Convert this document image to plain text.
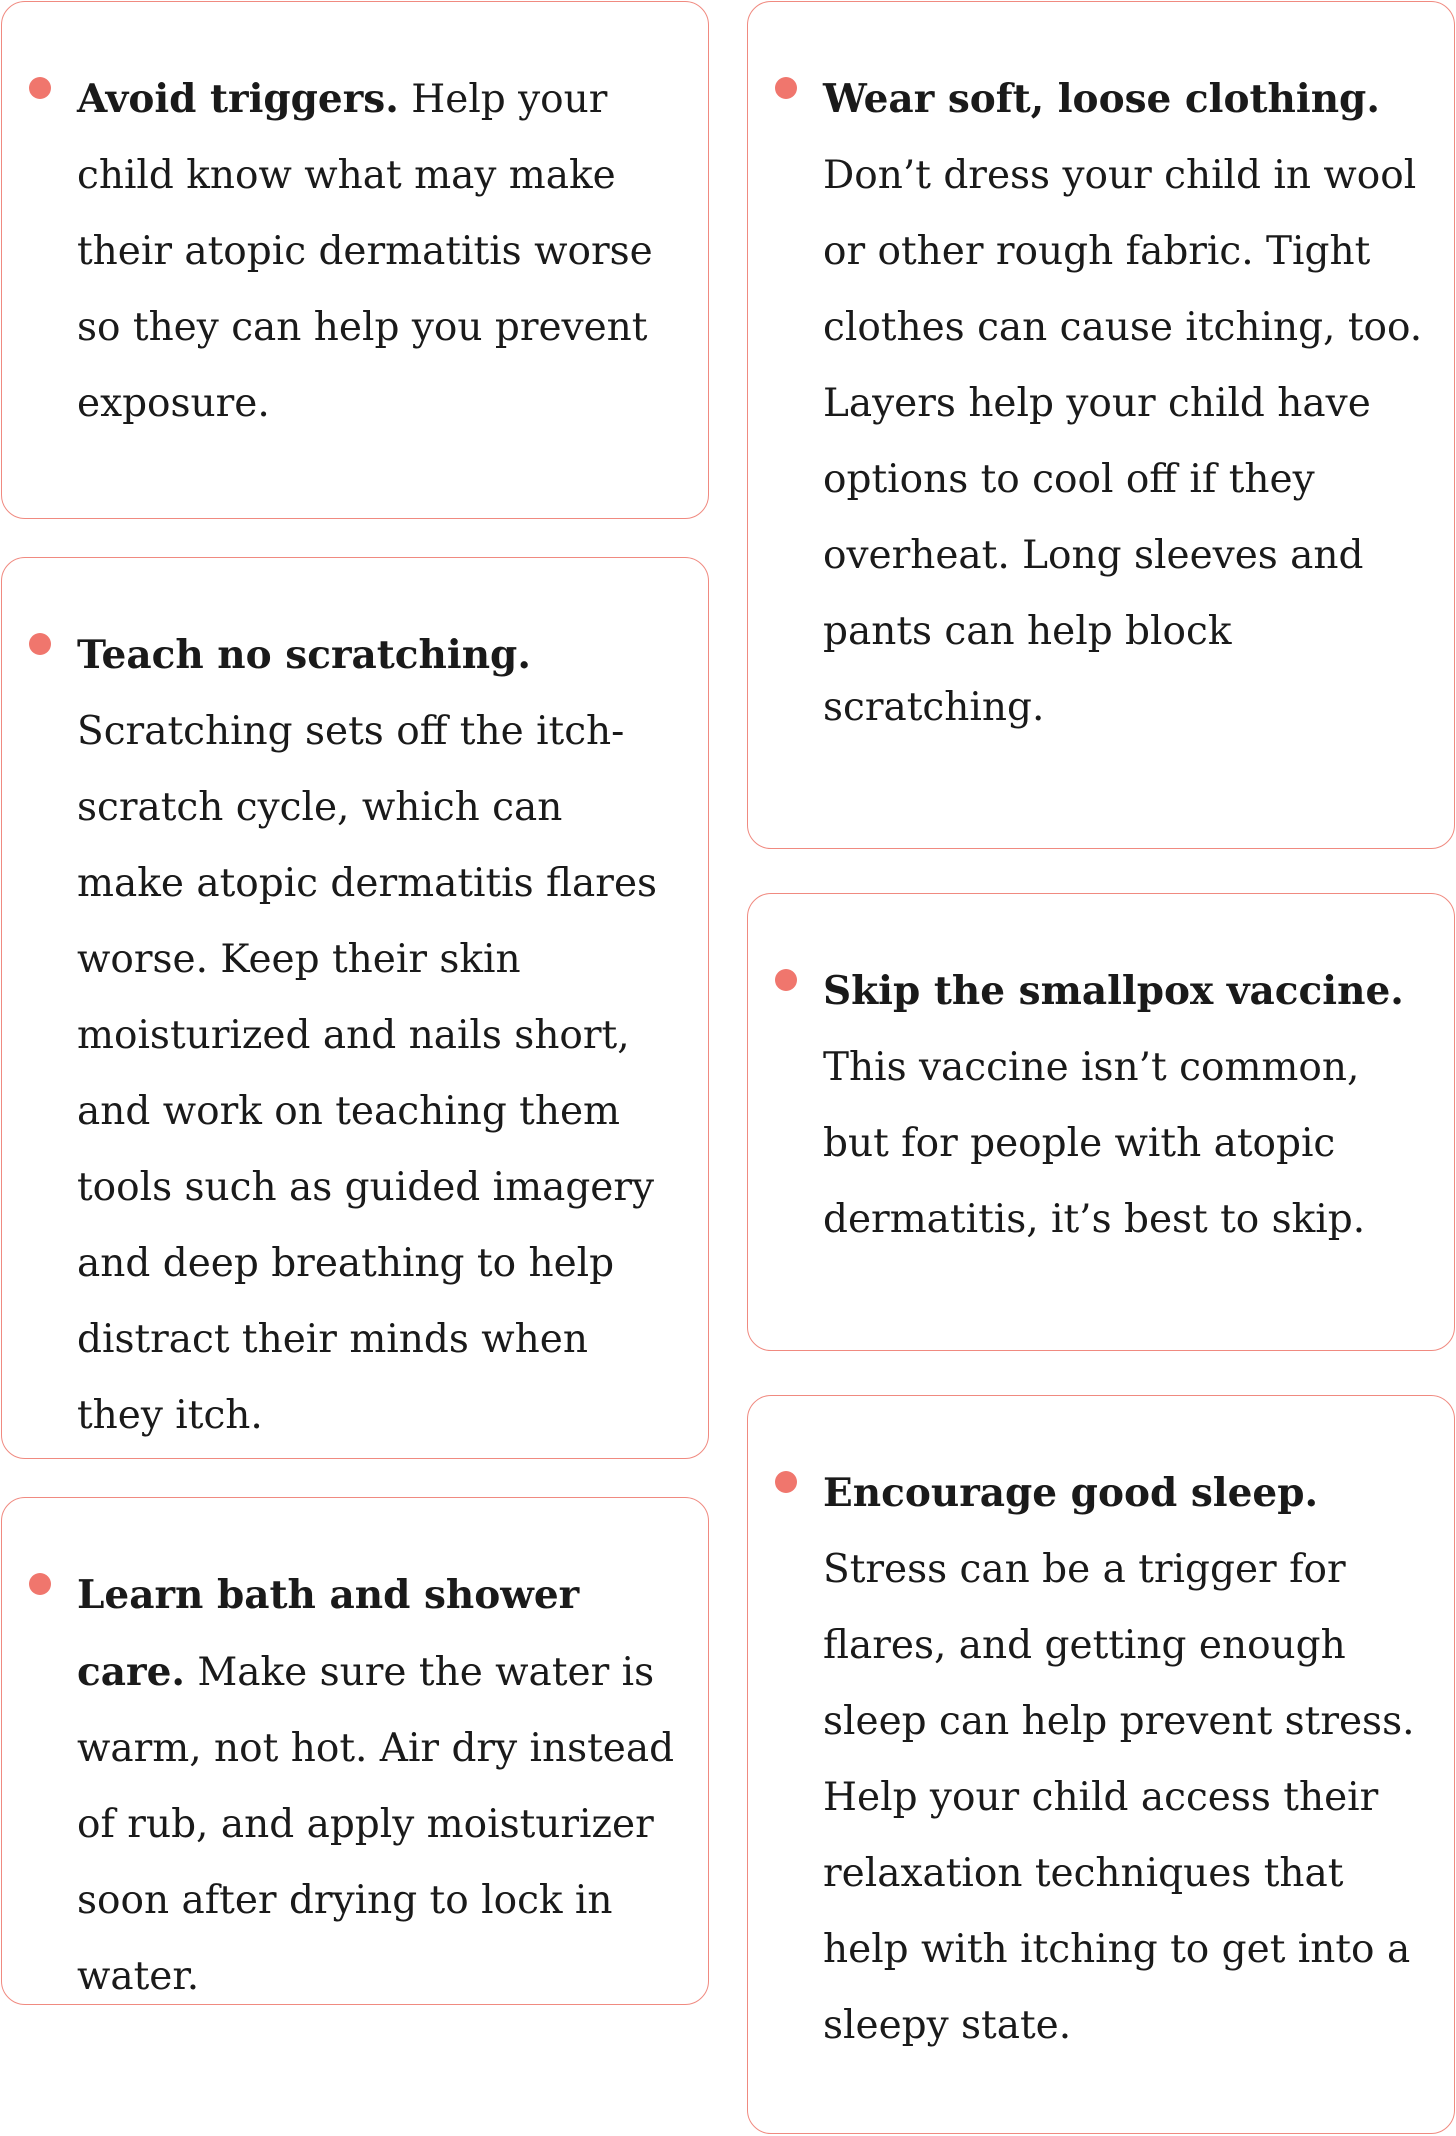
Avoid triggers. Help your child know what may make their atopic dermatitis worse so they can help you prevent exposure.

Teach no scratching. Scratching sets off the itch-scratch cycle, which can make atopic dermatitis flares worse. Keep their skin moisturized and nails short, and work on teaching them tools such as guided imagery and deep breathing to help distract their minds when they itch.

Learn bath and shower care. Make sure the water is warm, not hot. Air dry instead of rub, and apply moisturizer soon after drying to lock in water.

Wear soft, loose clothing. Don’t dress your child in wool or other rough fabric. Tight clothes can cause itching, too. Layers help your child have options to cool off if they overheat. Long sleeves and pants can help block scratching.

Skip the smallpox vaccine. This vaccine isn’t common, but for people with atopic dermatitis, it’s best to skip.

Encourage good sleep. Stress can be a trigger for flares, and getting enough sleep can help prevent stress. Help your child access their relaxation techniques that help with itching to get into a sleepy state.
